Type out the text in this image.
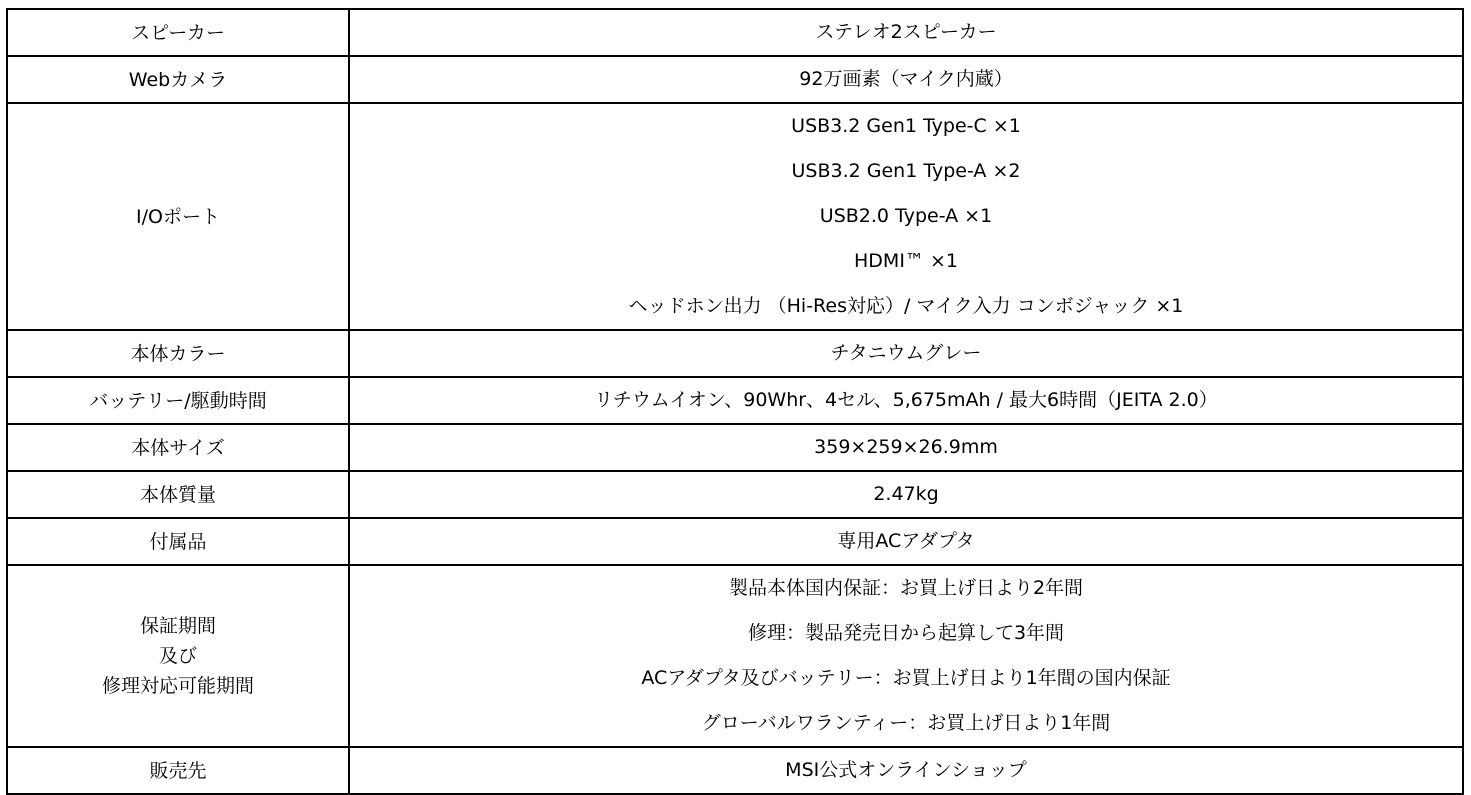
スピーカー	ステレオ2スピーカー

Webカメラ	92万画素（マイク内蔵）

I/Oポート	USB3.2 Gen1 Type-C ×1
USB3.2 Gen1 Type-A ×2
USB2.0 Type-A ×1
HDMI™ ×1
ヘッドホン出力 （Hi-Res対応）/ マイク入力 コンボジャック ×1

本体カラー	チタニウムグレー

バッテリー/駆動時間	リチウムイオン、90Whr、4セル、5,675mAh / 最大6時間（JEITA 2.0）

本体サイズ	359×259×26.9mm

本体質量	2.47kg

付属品	専用ACアダプタ

保証期間
及び
修理対応可能期間	製品本体国内保証：お買上げ日より2年間
修理：製品発売日から起算して3年間
ACアダプタ及びバッテリー：お買上げ日より1年間の国内保証
グローバルワランティー：お買上げ日より1年間

販売先	MSI公式オンラインショップ
